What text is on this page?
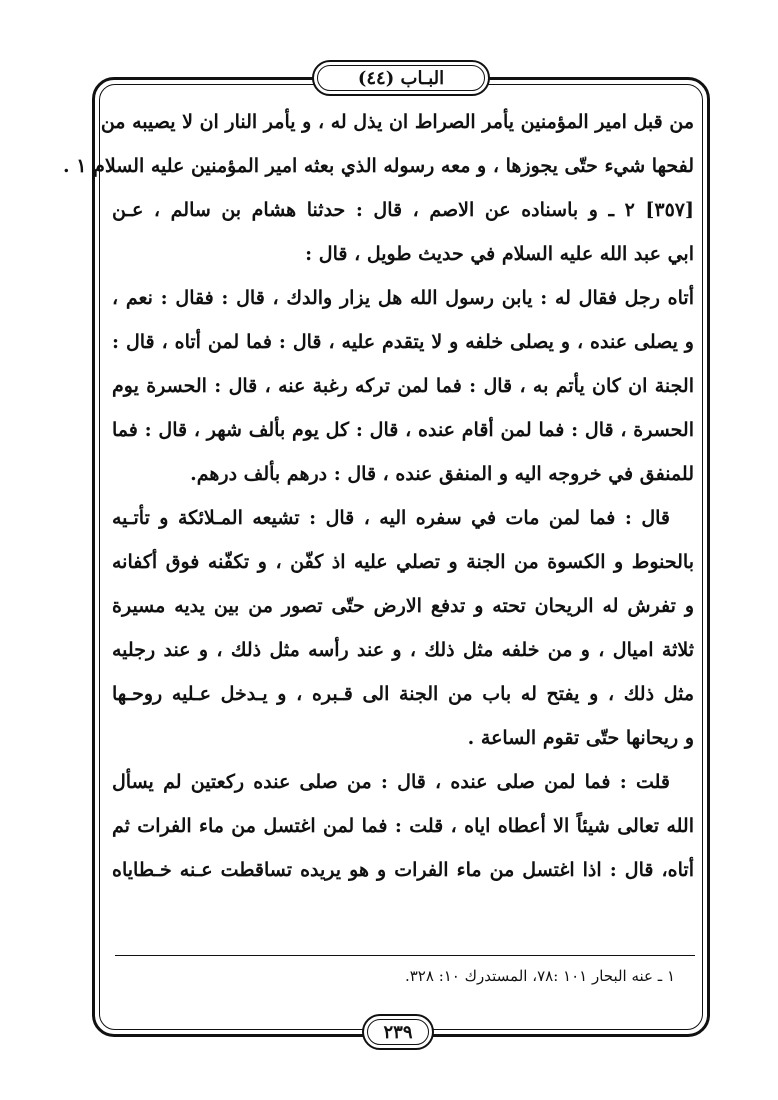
البـاب (٤٤)
من قبل امير المؤمنين يأمر الصراط ان يذل له ، و يأمر النار ان لا يصيبه من
لفحها شيء حتّى يجوزها ، و معه رسوله الذي بعثه امير المؤمنين عليه السلام ١ .
[٣٥٧] ٢ ـ و باسناده عن الاصم ، قال : حدثنا هشام بن سالم ، عـن
ابي عبد الله عليه السلام في حديث طويل ، قال :
أتاه رجل فقال له : يابن رسول الله هل يزار والدك ، قال : فقال : نعم ،
و يصلى عنده ، و يصلى خلفه و لا يتقدم عليه ، قال : فما لمن أتاه ، قال :
الجنة ان كان يأتم به ، قال : فما لمن تركه رغبة عنه ، قال : الحسرة يوم
الحسرة ، قال : فما لمن أقام عنده ، قال : كل يوم بألف شهر ، قال : فما
للمنفق في خروجه اليه و المنفق عنده ، قال : درهم بألف درهم.
قال : فما لمن مات في سفره اليه ، قال : تشيعه المـلائكة و تأتـيه
بالحنوط و الكسوة من الجنة و تصلي عليه اذ كفّن ، و تكفّنه فوق أكفانه
و تفرش له الريحان تحته و تدفع الارض حتّى تصور من بين يديه مسيرة
ثلاثة اميال ، و من خلفه مثل ذلك ، و عند رأسه مثل ذلك ، و عند رجليه
مثل ذلك ، و يفتح له باب من الجنة الى قـبره ، و يـدخل عـليه روحـها
و ريحانها حتّى تقوم الساعة .
قلت : فما لمن صلى عنده ، قال : من صلى عنده ركعتين لم يسأل
الله تعالى شيئاً الا أعطاه اياه ، قلت : فما لمن اغتسل من ماء الفرات ثم
أتاه، قال : اذا اغتسل من ماء الفرات و هو يريده تساقطت عـنه خـطاياه
١ ـ عنه البحار ١٠١ :٧٨، المستدرك ١٠: ٣٢٨.
٢٣٩
